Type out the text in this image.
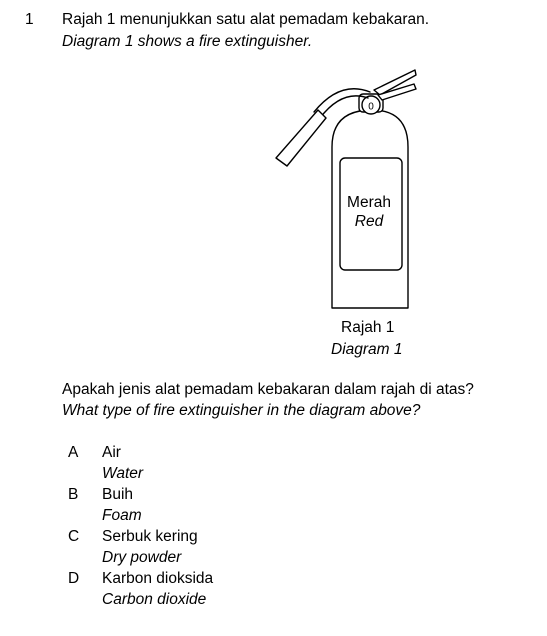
1 Rajah 1 menunjukkan satu alat pemadam kebakaran.
Diagram 1 shows a fire extinguisher.
0
Merah
Red
Rajah 1
Diagram 1
Apakah jenis alat pemadam kebakaran dalam rajah di atas?
What type of fire extinguisher in the diagram above?
A Air
Water
B Buih
Foam
C Serbuk kering
Dry powder
D Karbon dioksida
Carbon dioxide
